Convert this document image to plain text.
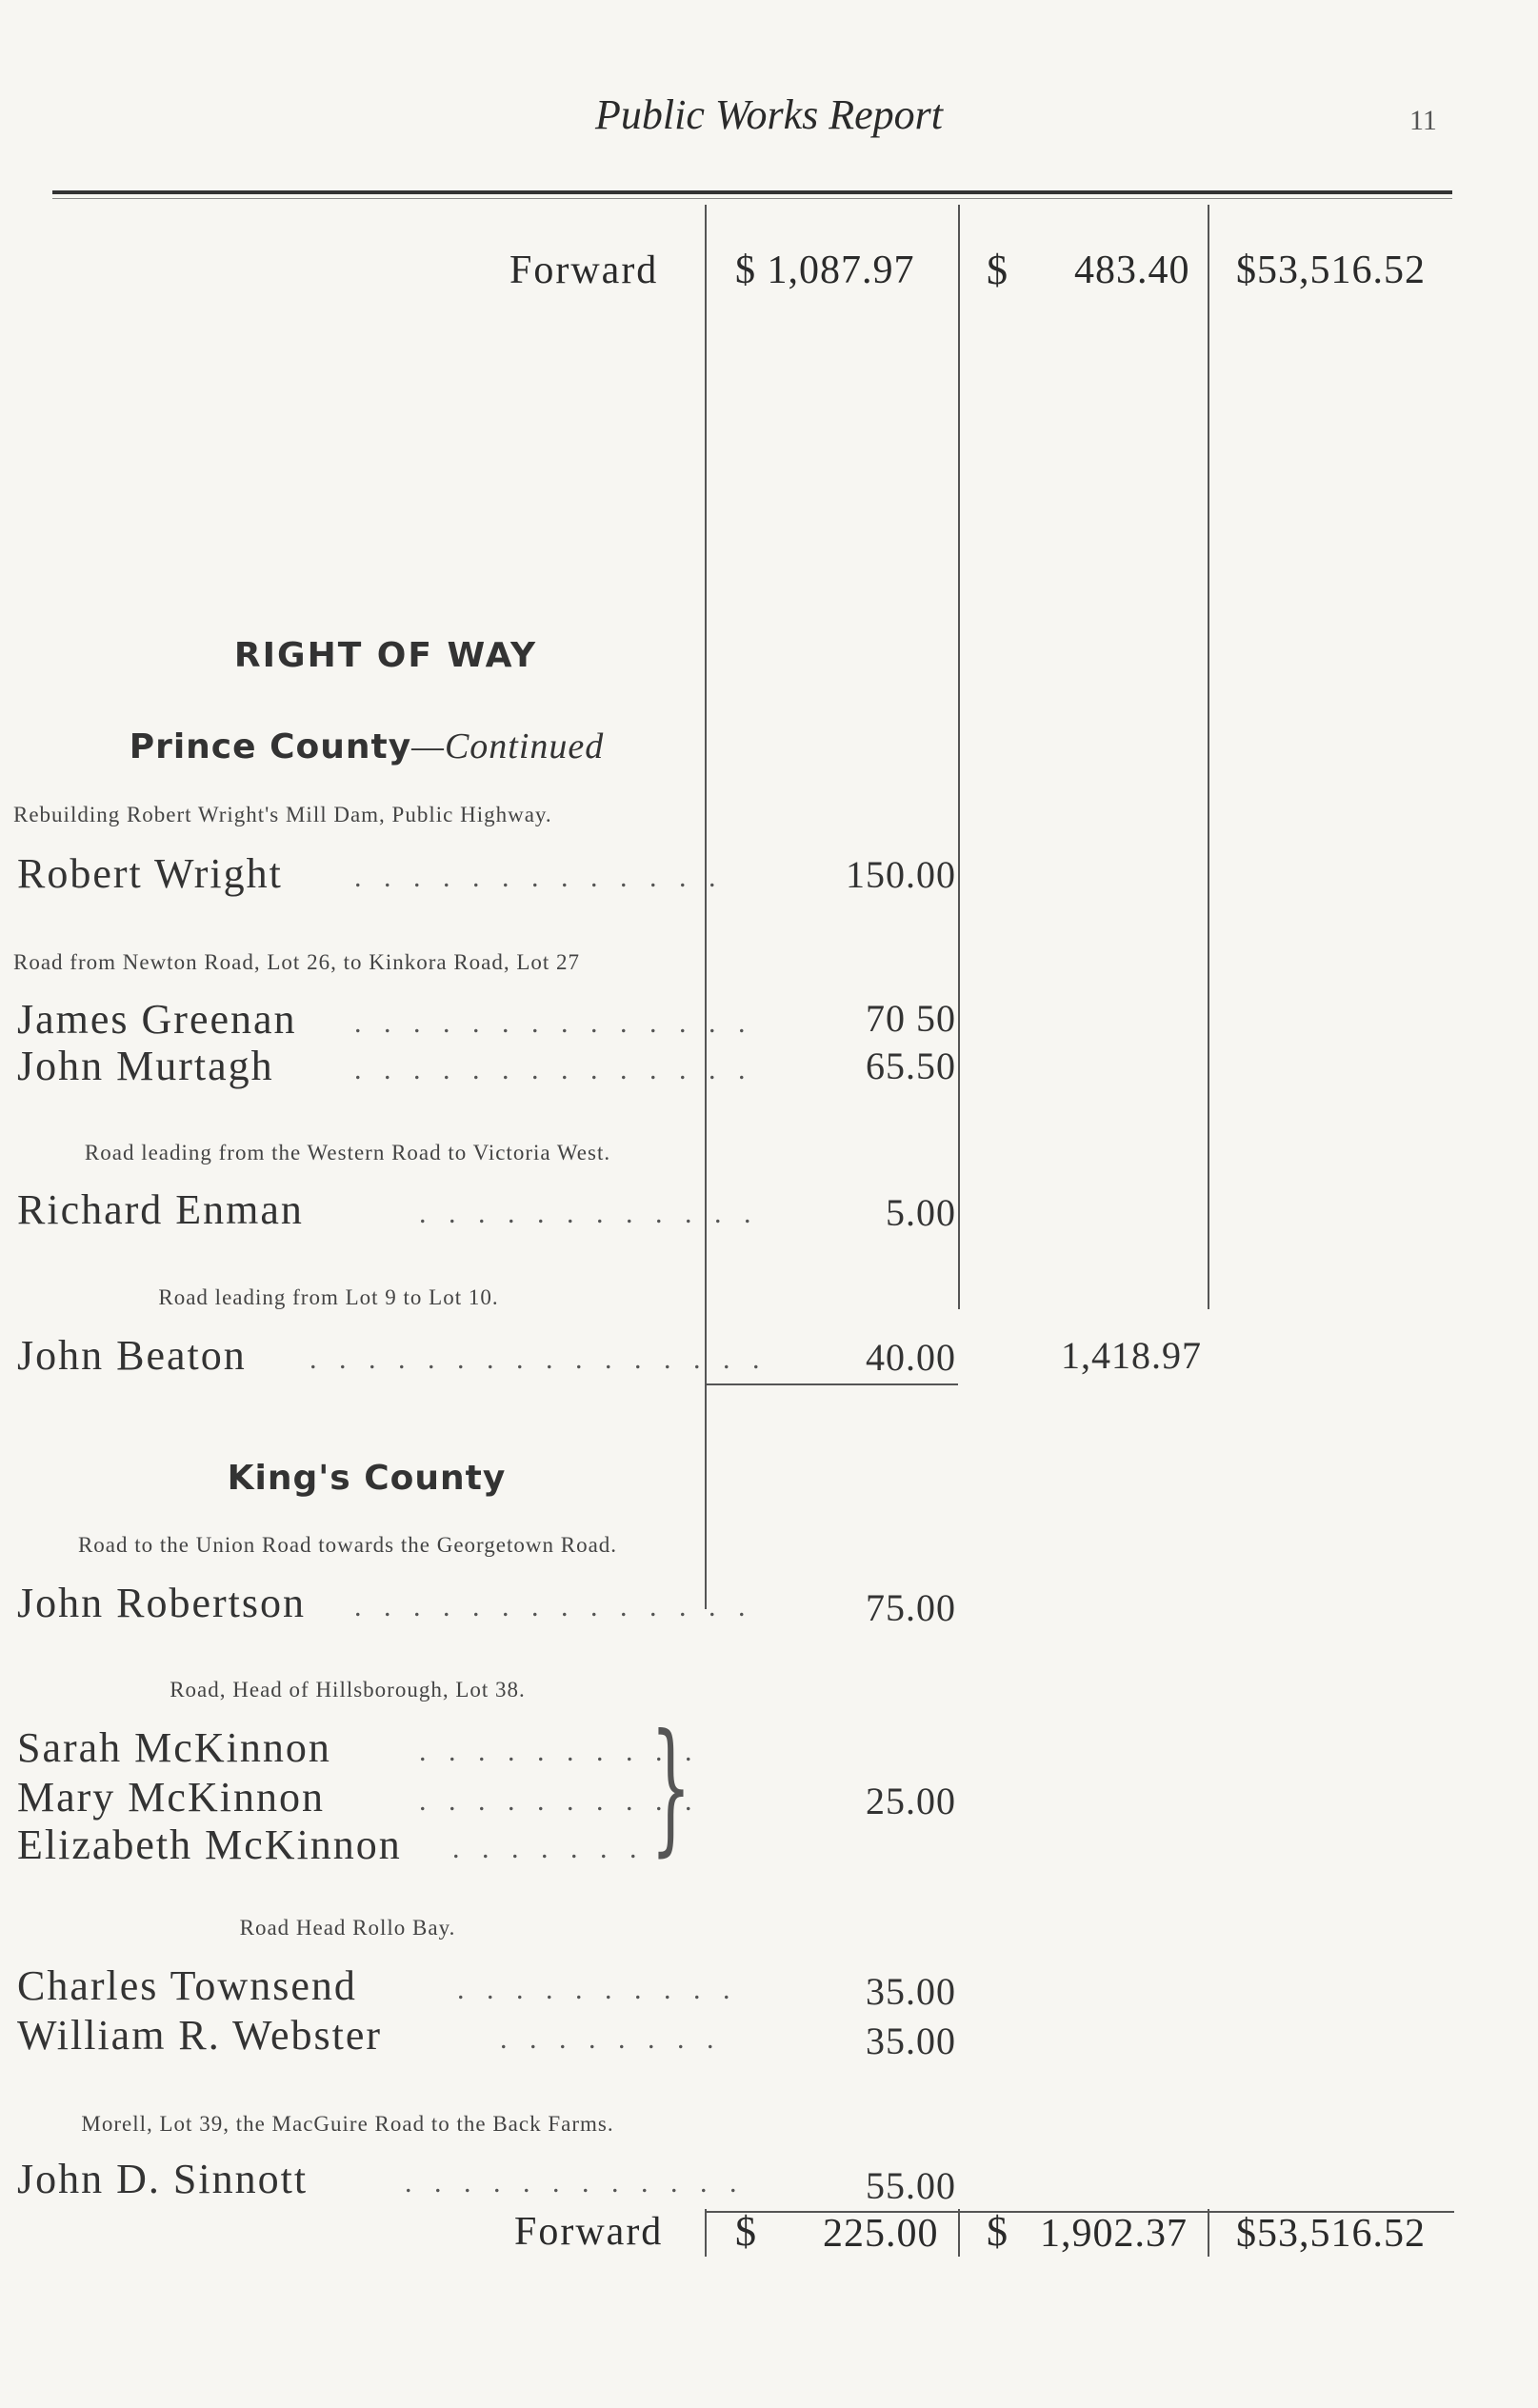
Public Works Report	11
Forward $ 1,087.97 $ 483.40 $53,516.52
RIGHT OF WAY
Prince County—Continued
Rebuilding Robert Wright's Mill Dam, Public Highway.
Robert Wright	. . . . . . . . . . . . .	150.00
Road from Newton Road, Lot 26, to Kinkora Road, Lot 27
James Greenan . . . . . . . . . . . . . .	70 50
John Murtagh	. . . . . . . . . . . . . .	65.50
Road leading from the Western Road to Victoria West.
Richard Enman	. . . . . . . . . . . .	5.00
Road leading from Lot 9 to Lot 10.
John Beaton . . . . . . . . . . . . . . . .	40.00	1,418.97
King's County
Road to the Union Road towards the Georgetown Road.
John Robertson . . . . . . . . . . . . . .	75.00
Road, Head of Hillsborough, Lot 38.
Sarah McKinnon	. . . . . . . . . .
Mary McKinnon	. . . . . . . . . .
Elizabeth McKinnon . . . . . . . .
}	25.00
Road Head Rollo Bay.
Charles Townsend	. . . . . . . . . .	35.00
William R. Webster	. . . . . . . .	35.00
Morell, Lot 39, the MacGuire Road to the Back Farms.
John D. Sinnott	. . . . . . . . . . . .	55.00
Forward $ 225.00 $ 1,902.37 $53,516.52
